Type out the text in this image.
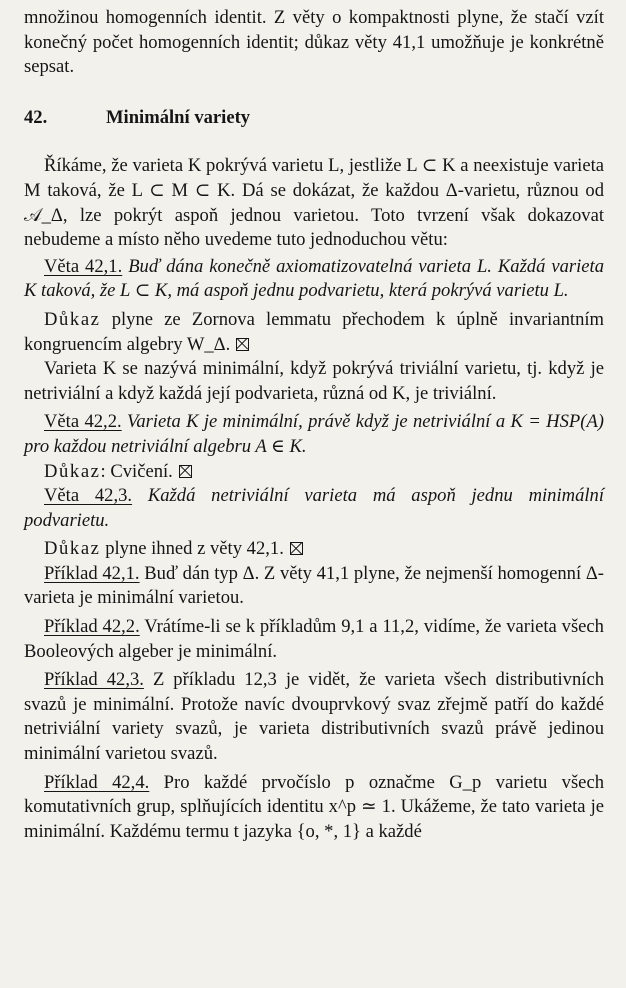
množinou homogenních identit. Z věty o kompaktnosti plyne, že stačí vzít konečný počet homogenních identit; důkaz věty 41,1 umožňuje je konkrétně sepsat.

42.	Minimální variety

Říkáme, že varieta K pokrývá varietu L, jestliže L ⊂ K a neexistuje varieta M taková, že L ⊂ M ⊂ K. Dá se dokázat, že každou Δ-varietu, různou od 𝒜_Δ, lze pokrýt aspoň jednou varietou. Toto tvrzení však dokazovat nebudeme a místo něho uvedeme tuto jednoduchou větu:

Věta 42,1. Buď dána konečně axiomatizovatelná varieta L. Každá varieta K taková, že L ⊂ K, má aspoň jednu podvarietu, která pokrývá varietu L.

Důkaz plyne ze Zornova lemmatu přechodem k úplně invariantním kongruencím algebry W_Δ.

Varieta K se nazývá minimální, když pokrývá triviální varietu, tj. když je netriviální a když každá její podvarieta, různá od K, je triviální.

Věta 42,2. Varieta K je minimální, právě když je netriviální a K = HSP(A) pro každou netriviální algebru A ∈ K.

Důkaz: Cvičení.

Věta 42,3. Každá netriviální varieta má aspoň jednu minimální podvarietu.

Důkaz plyne ihned z věty 42,1.

Příklad 42,1. Buď dán typ Δ. Z věty 41,1 plyne, že nejmenší homogenní Δ-varieta je minimální varietou.

Příklad 42,2. Vrátíme-li se k příkladům 9,1 a 11,2, vidíme, že varieta všech Booleových algeber je minimální.

Příklad 42,3. Z příkladu 12,3 je vidět, že varieta všech distributivních svazů je minimální. Protože navíc dvouprvkový svaz zřejmě patří do každé netriviální variety svazů, je varieta distributivních svazů právě jedinou minimální varietou svazů.

Příklad 42,4. Pro každé prvočíslo p označme G_p varietu všech komutativních grup, splňujících identitu x^p ≃ 1. Ukážeme, že tato varieta je minimální. Každému termu t jazyka {o, *, 1} a každé
